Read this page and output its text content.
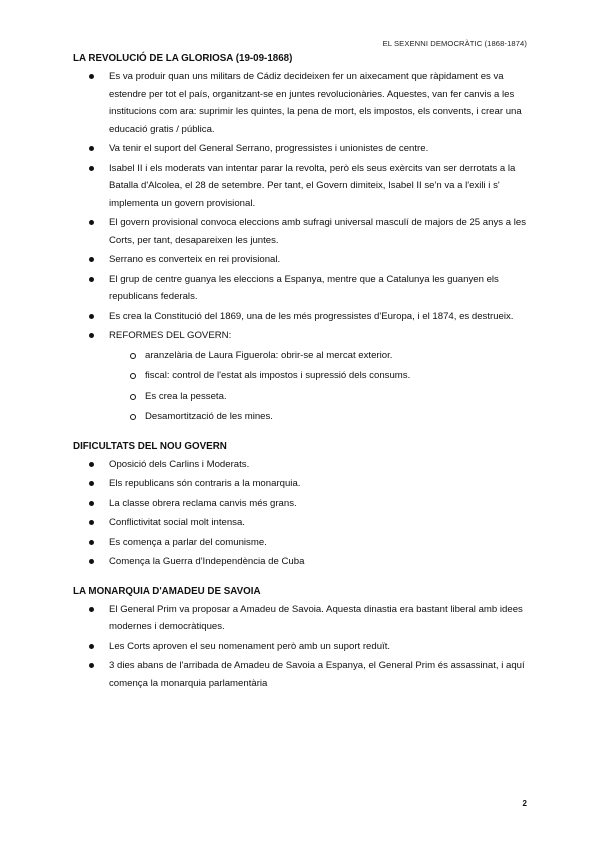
EL SEXENNI DEMOCRÀTIC (1868-1874)
LA REVOLUCIÓ DE LA GLORIOSA (19-09-1868)
Es va produir quan uns militars de Cádiz decideixen fer un aixecament que ràpidament es va estendre per tot el país, organitzant-se en juntes revolucionàries. Aquestes, van fer canvis a les institucions com ara: suprimir les quintes, la pena de mort, els impostos, els convents, i crear una educació gratis / pública.
Va tenir el suport del General Serrano, progressistes i unionistes de centre.
Isabel II i els moderats van intentar parar la revolta, però els seus exèrcits van ser derrotats a la Batalla d'Alcolea, el 28 de setembre. Per tant, el Govern dimiteix, Isabel II se'n va a l'exili i s' implementa un govern provisional.
El govern provisional convoca eleccions amb sufragi universal masculí de majors de 25 anys a les Corts, per tant, desapareixen les juntes.
Serrano es converteix en rei provisional.
El grup de centre guanya les eleccions a Espanya, mentre que a Catalunya les guanyen els republicans federals.
Es crea la Constitució del 1869, una de les més progressistes d'Europa, i el 1874, es destrueix.
REFORMES DEL GOVERN:
aranzelària de Laura Figuerola: obrir-se al mercat exterior.
fiscal: control de l'estat als impostos i supressió dels consums.
Es crea la pesseta.
Desamortització de les mines.
DIFICULTATS DEL NOU GOVERN
Oposició dels Carlins i Moderats.
Els republicans són contraris a la monarquia.
La classe obrera reclama canvis més grans.
Conflictivitat social molt intensa.
Es comença a parlar del comunisme.
Comença la Guerra d'Independència de Cuba
LA MONARQUIA D'AMADEU DE SAVOIA
El General Prim va proposar a Amadeu de Savoia. Aquesta dinastia era bastant liberal amb idees modernes i democràtiques.
Les Corts aproven el seu nomenament però amb un suport reduït.
3 dies abans de l'arribada de Amadeu de Savoia a Espanya, el General Prim és assassinat, i aquí comença la monarquia parlamentària
2
